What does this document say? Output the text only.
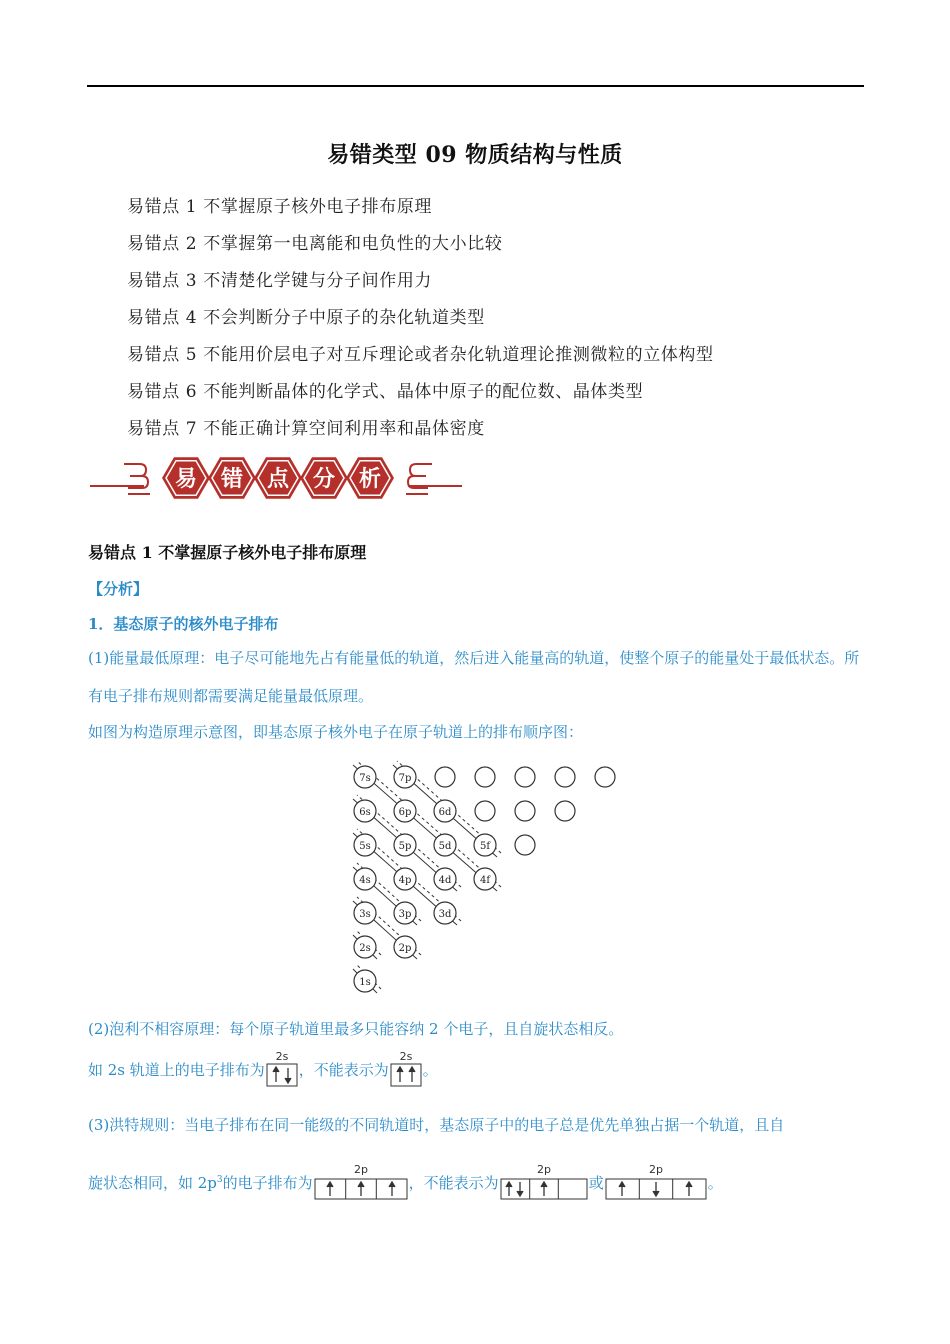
易错类型 09 物质结构与性质
易错点 1 不掌握原子核外电子排布原理
易错点 2 不掌握第一电离能和电负性的大小比较
易错点 3 不清楚化学键与分子间作用力
易错点 4 不会判断分子中原子的杂化轨道类型
易错点 5 不能用价层电子对互斥理论或者杂化轨道理论推测微粒的立体构型
易错点 6 不能判断晶体的化学式、晶体中原子的配位数、晶体类型
易错点 7 不能正确计算空间利用率和晶体密度
易 错 点 分 析
易错点 1 不掌握原子核外电子排布原理
【分析】
1．基态原子的核外电子排布
(1)能量最低原理：电子尽可能地先占有能量低的轨道，然后进入能量高的轨道，使整个原子的能量处于最低状态。所有电子排布规则都需要满足能量最低原理。
如图为构造原理示意图，即基态原子核外电子在原子轨道上的排布顺序图：
7s	7p
6s	6p	6d
5s	5p	5d	5f
4s	4p	4d	4f
3s	3p	3d
2s	2p
1s
(2)泡利不相容原理：每个原子轨道里最多只能容纳 2 个电子，且自旋状态相反。
如 2s 轨道上的电子排布为
2s
，不能表示为
2s
。
(3)洪特规则：当电子排布在同一能级的不同轨道时，基态原子中的电子总是优先单独占据一个轨道，且自
旋状态相同，如 $2p^3$的电子排布为
2p
，不能表示为
2p
或
2p
。
